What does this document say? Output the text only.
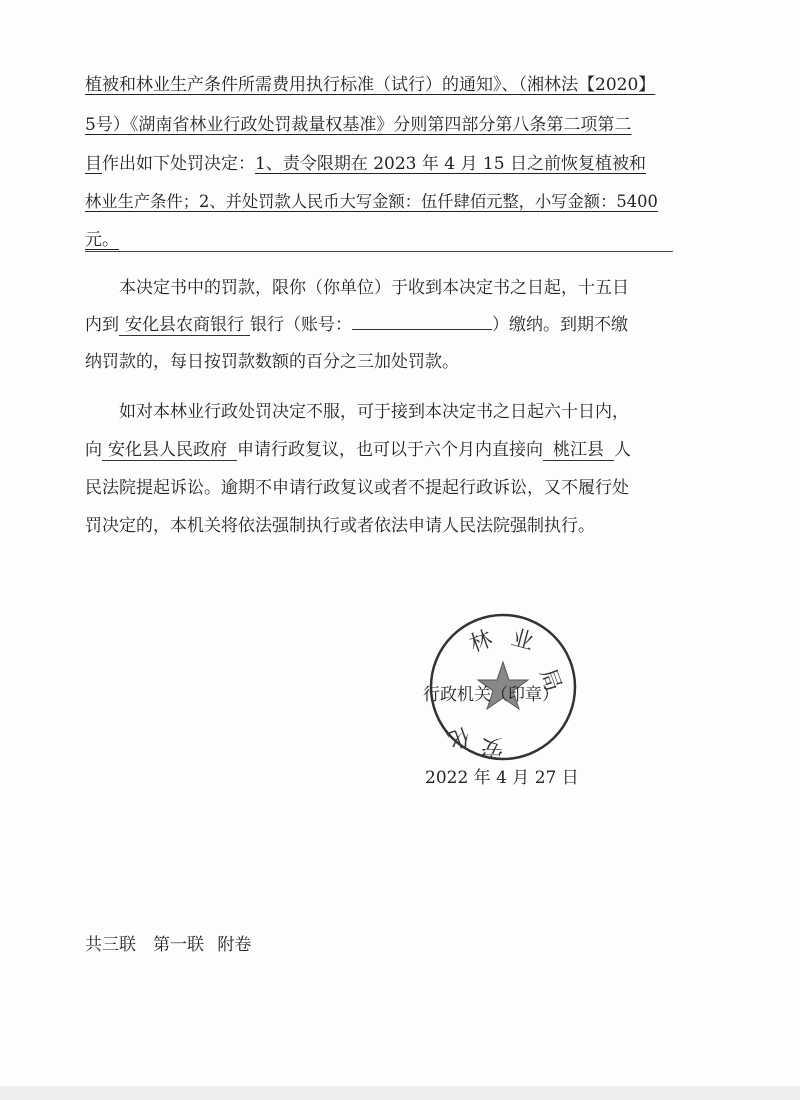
植被和林业生产条件所需费用执行标准（试行）的通知》、（湘林法【2020】
5号）《湖南省林业行政处罚裁量权基准》分则第四部分第八条第二项第二
目作出如下处罚决定：1、责令限期在 2023 年 4 月 15 日之前恢复植被和
林业生产条件；2、并处罚款人民币大写金额：伍仟肆佰元整，小写金额：5400
元。
本决定书中的罚款，限你（你单位）于收到本决定书之日起，十五日
内到 安化县农商银行 银行（账号：	）缴纳。到期不缴
纳罚款的，每日按罚款数额的百分之三加处罚款。
如对本林业行政处罚决定不服，可于接到本决定书之日起六十日内，
向 安化县人民政府 申请行政复议，也可以于六个月内直接向 桃江县 人
民法院提起诉讼。逾期不申请行政复议或者不提起行政诉讼，又不履行处
罚决定的，本机关将依法强制执行或者依法申请人民法院强制执行。
林 业
局
化 安
行政机关（印章）
2022 年 4 月 27 日
共三联　第一联 附卷
